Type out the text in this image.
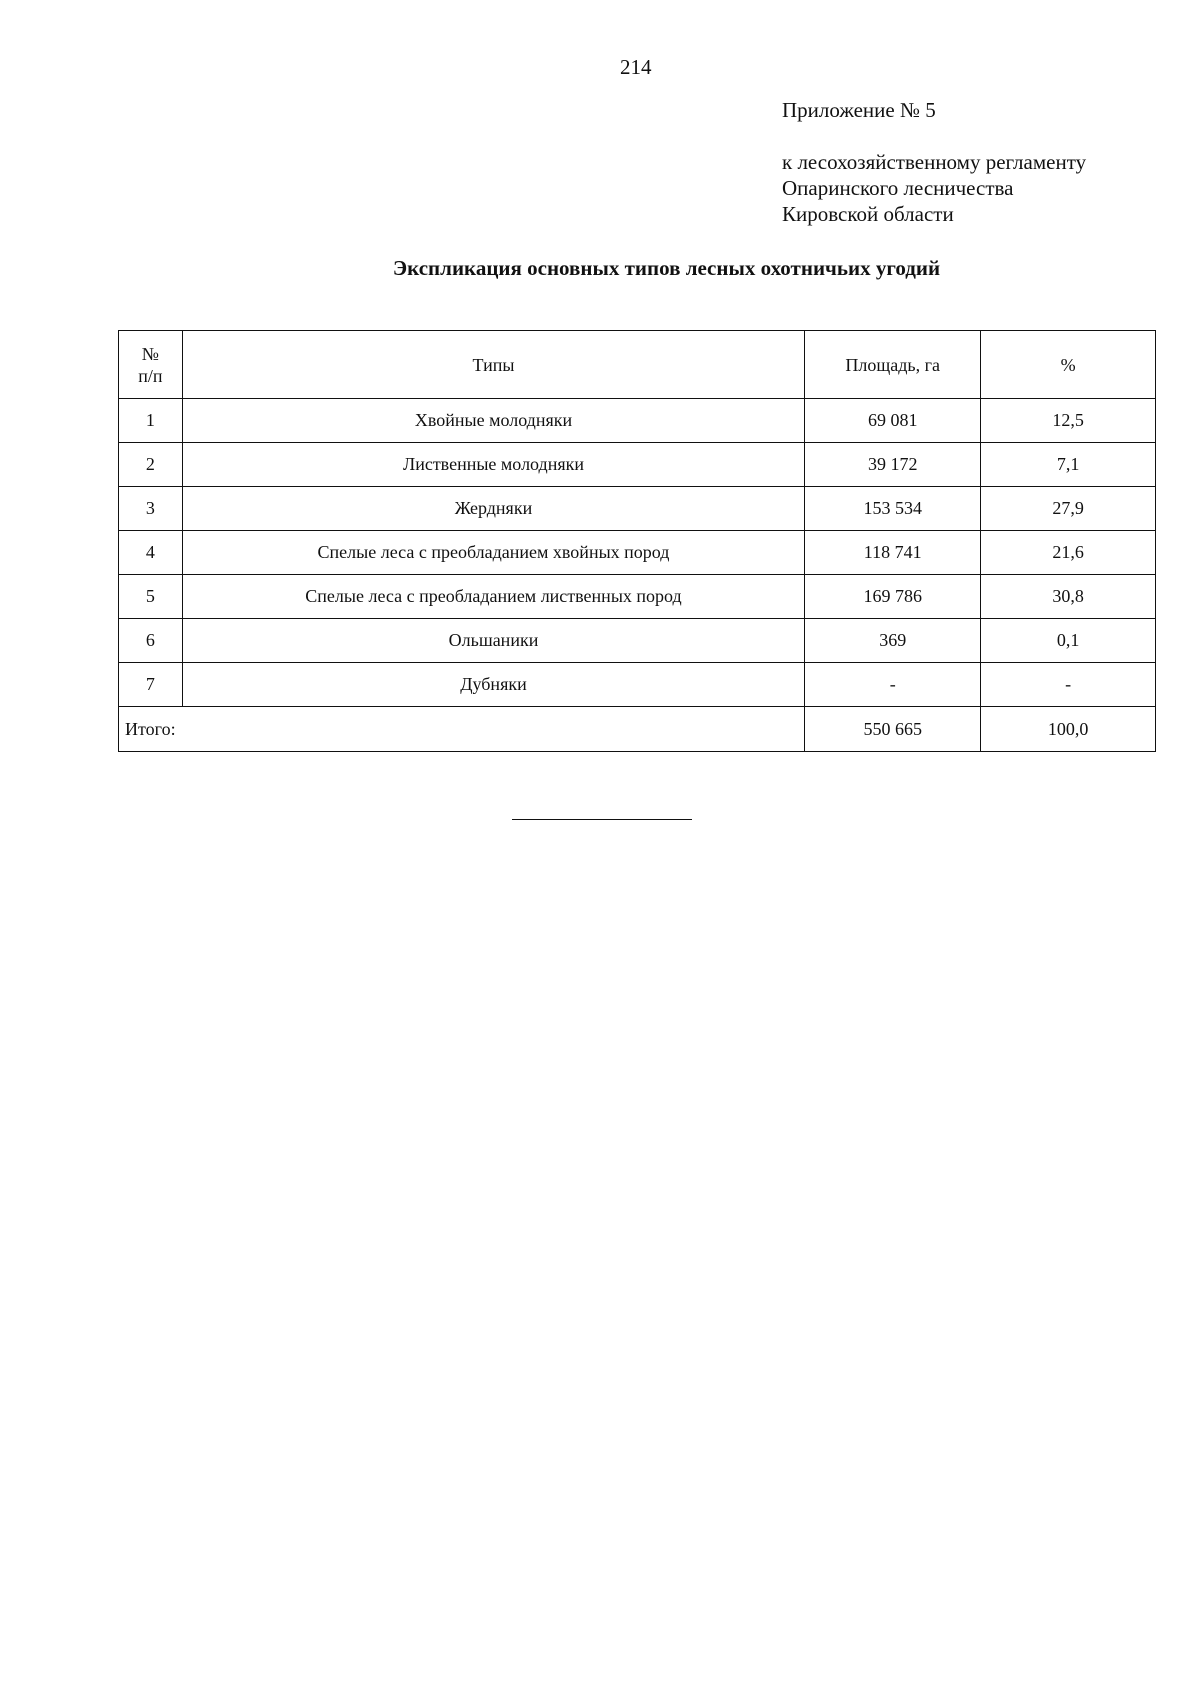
214
Приложение № 5
к лесохозяйственному регламенту
Опаринского лесничества
Кировской области
Экспликация основных типов лесных охотничьих угодий
№
п/п	Типы	Площадь, га	%
1	Хвойные молодняки	69 081	12,5
2	Лиственные молодняки	39 172	7,1
3	Жердняки	153 534	27,9
4	Спелые леса с преобладанием хвойных пород	118 741	21,6
5	Спелые леса с преобладанием лиственных пород	169 786	30,8
6	Ольшаники	369	0,1
7	Дубняки	-	-
Итого:		550 665	100,0
